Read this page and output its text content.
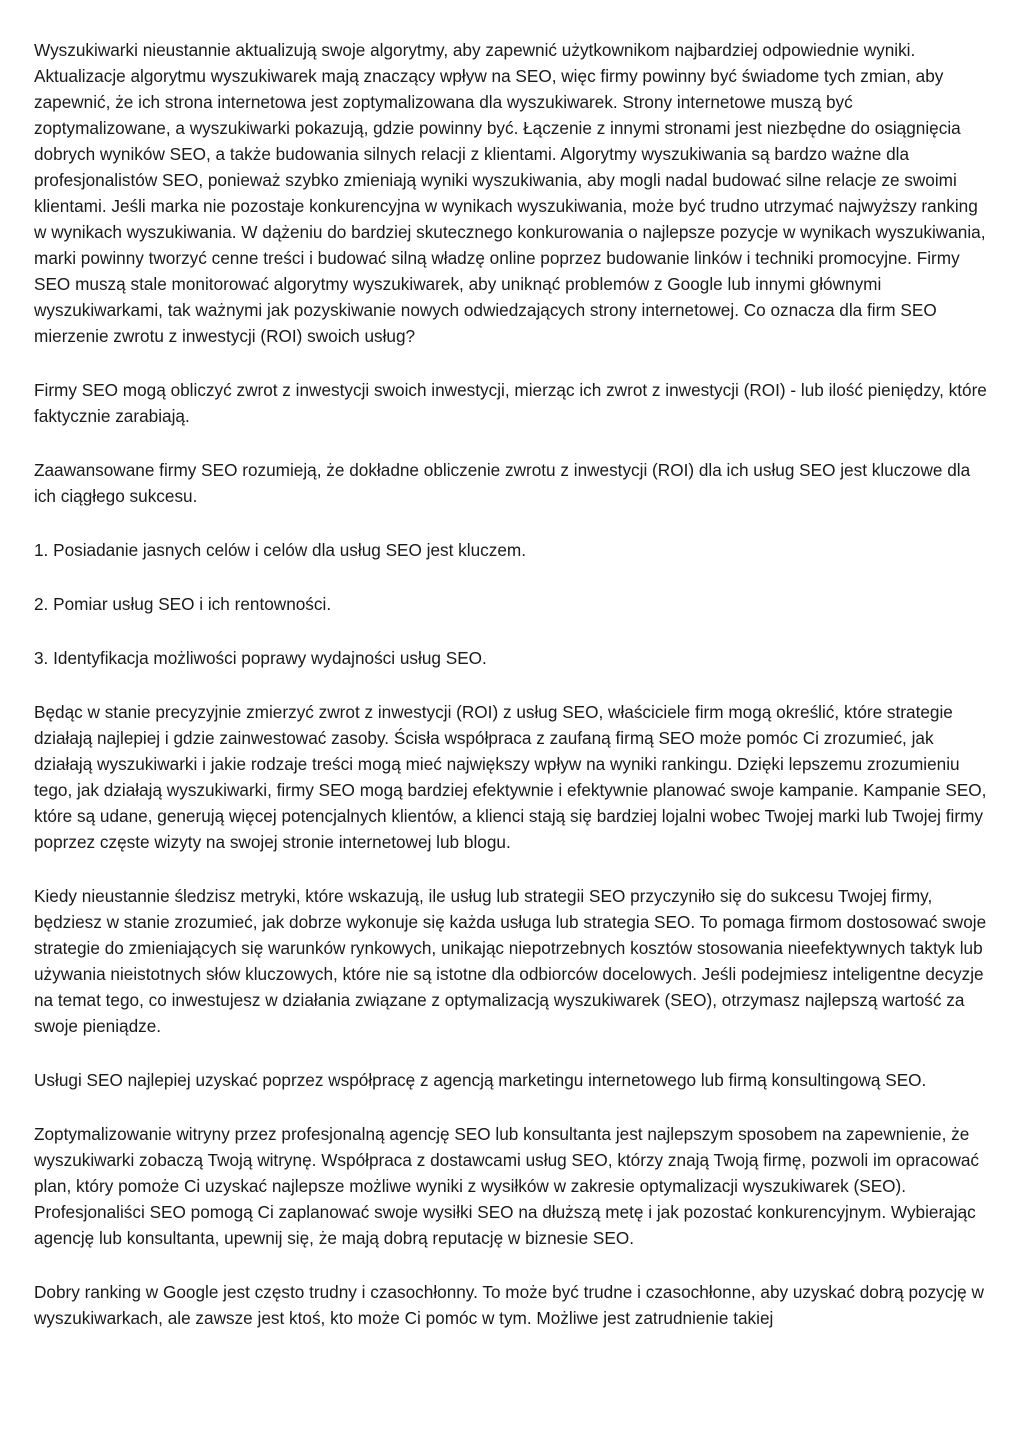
Wyszukiwarki nieustannie aktualizują swoje algorytmy, aby zapewnić użytkownikom najbardziej odpowiednie wyniki. Aktualizacje algorytmu wyszukiwarek mają znaczący wpływ na SEO, więc firmy powinny być świadome tych zmian, aby zapewnić, że ich strona internetowa jest zoptymalizowana dla wyszukiwarek. Strony internetowe muszą być zoptymalizowane, a wyszukiwarki pokazują, gdzie powinny być. Łączenie z innymi stronami jest niezbędne do osiągnięcia dobrych wyników SEO, a także budowania silnych relacji z klientami. Algorytmy wyszukiwania są bardzo ważne dla profesjonalistów SEO, ponieważ szybko zmieniają wyniki wyszukiwania, aby mogli nadal budować silne relacje ze swoimi klientami. Jeśli marka nie pozostaje konkurencyjna w wynikach wyszukiwania, może być trudno utrzymać najwyższy ranking w wynikach wyszukiwania. W dążeniu do bardziej skutecznego konkurowania o najlepsze pozycje w wynikach wyszukiwania, marki powinny tworzyć cenne treści i budować silną władzę online poprzez budowanie linków i techniki promocyjne. Firmy SEO muszą stale monitorować algorytmy wyszukiwarek, aby uniknąć problemów z Google lub innymi głównymi wyszukiwarkami, tak ważnymi jak pozyskiwanie nowych odwiedzających strony internetowej. Co oznacza dla firm SEO mierzenie zwrotu z inwestycji (ROI) swoich usług?

Firmy SEO mogą obliczyć zwrot z inwestycji swoich inwestycji, mierząc ich zwrot z inwestycji (ROI) - lub ilość pieniędzy, które faktycznie zarabiają.

Zaawansowane firmy SEO rozumieją, że dokładne obliczenie zwrotu z inwestycji (ROI) dla ich usług SEO jest kluczowe dla ich ciągłego sukcesu.

1. Posiadanie jasnych celów i celów dla usług SEO jest kluczem.

2. Pomiar usług SEO i ich rentowności.

3. Identyfikacja możliwości poprawy wydajności usług SEO.

Będąc w stanie precyzyjnie zmierzyć zwrot z inwestycji (ROI) z usług SEO, właściciele firm mogą określić, które strategie działają najlepiej i gdzie zainwestować zasoby. Ścisła współpraca z zaufaną firmą SEO może pomóc Ci zrozumieć, jak działają wyszukiwarki i jakie rodzaje treści mogą mieć największy wpływ na wyniki rankingu. Dzięki lepszemu zrozumieniu tego, jak działają wyszukiwarki, firmy SEO mogą bardziej efektywnie i efektywnie planować swoje kampanie. Kampanie SEO, które są udane, generują więcej potencjalnych klientów, a klienci stają się bardziej lojalni wobec Twojej marki lub Twojej firmy poprzez częste wizyty na swojej stronie internetowej lub blogu.

Kiedy nieustannie śledzisz metryki, które wskazują, ile usług lub strategii SEO przyczyniło się do sukcesu Twojej firmy, będziesz w stanie zrozumieć, jak dobrze wykonuje się każda usługa lub strategia SEO. To pomaga firmom dostosować swoje strategie do zmieniających się warunków rynkowych, unikając niepotrzebnych kosztów stosowania nieefektywnych taktyk lub używania nieistotnych słów kluczowych, które nie są istotne dla odbiorców docelowych. Jeśli podejmiesz inteligentne decyzje na temat tego, co inwestujesz w działania związane z optymalizacją wyszukiwarek (SEO), otrzymasz najlepszą wartość za swoje pieniądze.

Usługi SEO najlepiej uzyskać poprzez współpracę z agencją marketingu internetowego lub firmą konsultingową SEO.

Zoptymalizowanie witryny przez profesjonalną agencję SEO lub konsultanta jest najlepszym sposobem na zapewnienie, że wyszukiwarki zobaczą Twoją witrynę. Współpraca z dostawcami usług SEO, którzy znają Twoją firmę, pozwoli im opracować plan, który pomoże Ci uzyskać najlepsze możliwe wyniki z wysiłków w zakresie optymalizacji wyszukiwarek (SEO). Profesjonaliści SEO pomogą Ci zaplanować swoje wysiłki SEO na dłuższą metę i jak pozostać konkurencyjnym. Wybierając agencję lub konsultanta, upewnij się, że mają dobrą reputację w biznesie SEO.

Dobry ranking w Google jest często trudny i czasochłonny. To może być trudne i czasochłonne, aby uzyskać dobrą pozycję w wyszukiwarkach, ale zawsze jest ktoś, kto może Ci pomóc w tym. Możliwe jest zatrudnienie takiej
